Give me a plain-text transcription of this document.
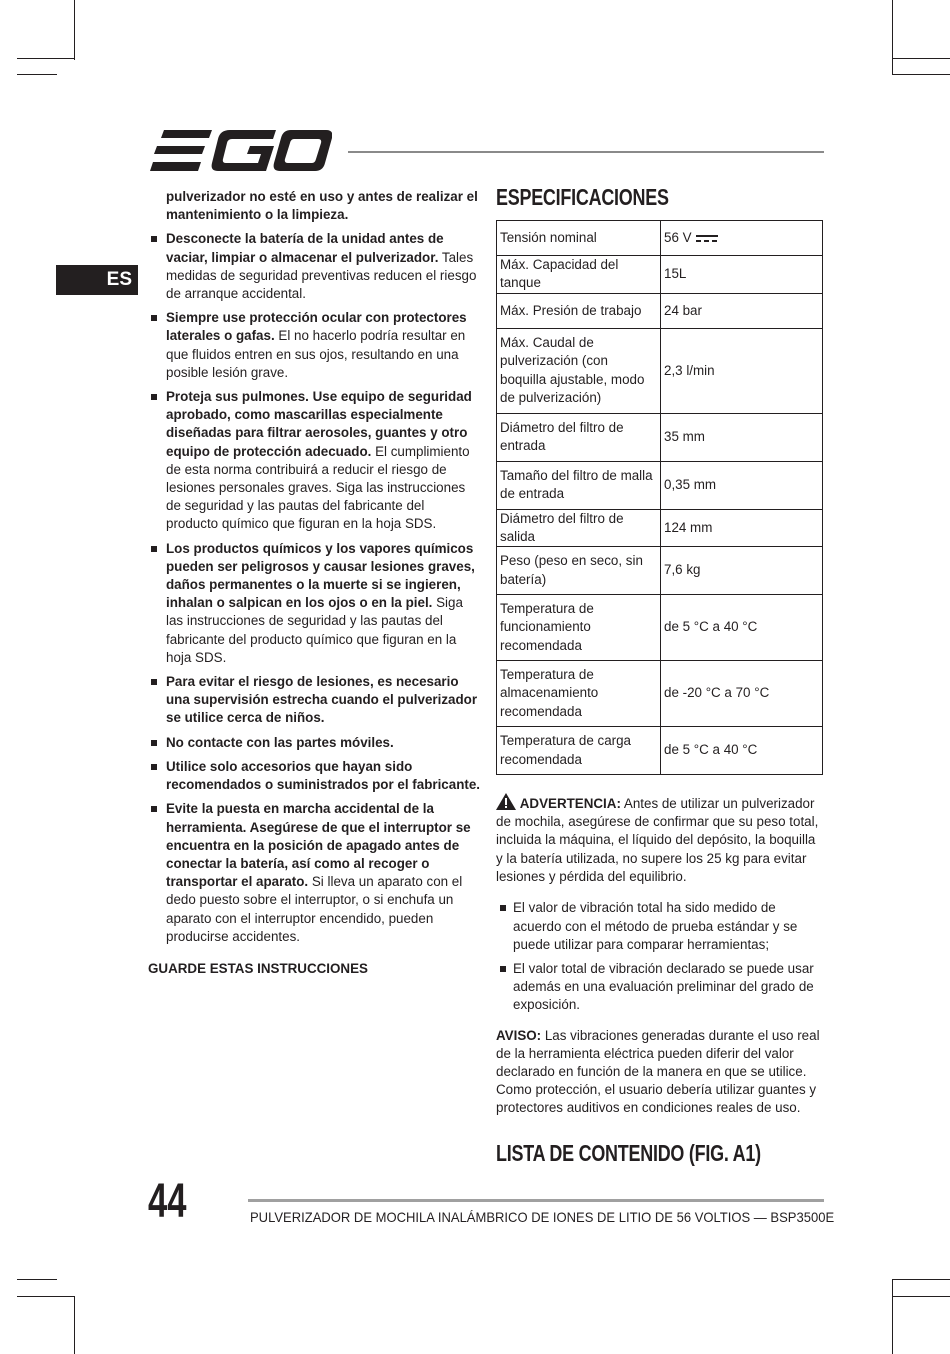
ES

pulverizador no esté en uso y antes de realizar el mantenimiento o la limpieza.

Desconecte la batería de la unidad antes de vaciar, limpiar o almacenar el pulverizador. Tales medidas de seguridad preventivas reducen el riesgo de arranque accidental.
Siempre use protección ocular con protectores laterales o gafas. El no hacerlo podría resultar en que fluidos entren en sus ojos, resultando en una posible lesión grave.
Proteja sus pulmones. Use equipo de seguridad aprobado, como mascarillas especialmente diseñadas para filtrar aerosoles, guantes y otro equipo de protección adecuado. El cumplimiento de esta norma contribuirá a reducir el riesgo de lesiones personales graves. Siga las instrucciones de seguridad y las pautas del fabricante del producto químico que figuran en la hoja SDS.
Los productos químicos y los vapores químicos pueden ser peligrosos y causar lesiones graves, daños permanentes o la muerte si se ingieren, inhalan o salpican en los ojos o en la piel. Siga las instrucciones de seguridad y las pautas del fabricante del producto químico que figuran en la hoja SDS.
Para evitar el riesgo de lesiones, es necesario una supervisión estrecha cuando el pulverizador se utilice cerca de niños.
No contacte con las partes móviles.
Utilice solo accesorios que hayan sido recomendados o suministrados por el fabricante.
Evite la puesta en marcha accidental de la herramienta. Asegúrese de que el interruptor se encuentra en la posición de apagado antes de conectar la batería, así como al recoger o transportar el aparato. Si lleva un aparato con el dedo puesto sobre el interruptor, o si enchufa un aparato con el interruptor encendido, pueden producirse accidentes.

GUARDE ESTAS INSTRUCCIONES

ESPECIFICACIONES
Tensión nominal	56 V
Máx. Capacidad del tanque	15L
Máx. Presión de trabajo	24 bar
Máx. Caudal de pulverización (con boquilla ajustable, modo de pulverización)	2,3 l/min
Diámetro del filtro de entrada	35 mm
Tamaño del filtro de malla de entrada	0,35 mm
Diámetro del filtro de salida	124 mm
Peso (peso en seco, sin batería)	7,6 kg
Temperatura de funcionamiento recomendada	de 5 °C a 40 °C
Temperatura de almacenamiento recomendada	de -20 °C a 70 °C
Temperatura de carga recomendada	de 5 °C a 40 °C

ADVERTENCIA: Antes de utilizar un pulverizador de mochila, asegúrese de confirmar que su peso total, incluida la máquina, el líquido del depósito, la boquilla y la batería utilizada, no supere los 25 kg para evitar lesiones y pérdida del equilibrio.

El valor de vibración total ha sido medido de acuerdo con el método de prueba estándar y se puede utilizar para comparar herramientas;
El valor total de vibración declarado se puede usar además en una evaluación preliminar del grado de exposición.

AVISO: Las vibraciones generadas durante el uso real de la herramienta eléctrica pueden diferir del valor declarado en función de la manera en que se utilice. Como protección, el usuario debería utilizar guantes y protectores auditivos en condiciones reales de uso.

LISTA DE CONTENIDO (FIG. A1)
44	PULVERIZADOR DE MOCHILA INALÁMBRICO DE IONES DE LITIO DE 56 VOLTIOS — BSP3500E
